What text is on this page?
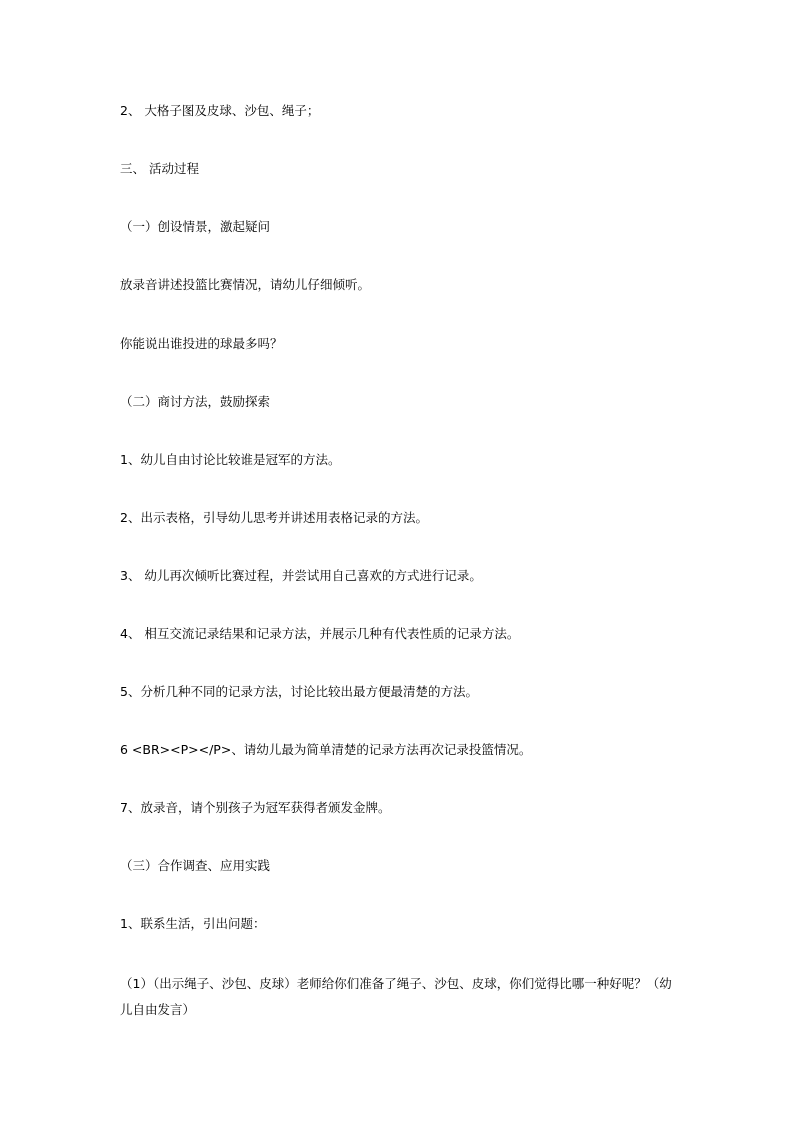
2、 大格子图及皮球、沙包、绳子；
三、 活动过程
（一）创设情景，激起疑问
放录音讲述投篮比赛情况，请幼儿仔细倾听。
你能说出谁投进的球最多吗？
（二）商讨方法，鼓励探索
1、幼儿自由讨论比较谁是冠军的方法。
2、出示表格，引导幼儿思考并讲述用表格记录的方法。
3、 幼儿再次倾听比赛过程，并尝试用自己喜欢的方式进行记录。
4、 相互交流记录结果和记录方法，并展示几种有代表性质的记录方法。
5、分析几种不同的记录方法，讨论比较出最方便最清楚的方法。
6 <BR><P></P>、请幼儿最为简单清楚的记录方法再次记录投篮情况。
7、放录音，请个别孩子为冠军获得者颁发金牌。
（三）合作调查、应用实践
1、联系生活，引出问题：
（1）（出示绳子、沙包、皮球）老师给你们准备了绳子、沙包、皮球，你们觉得比哪一种好呢？（幼儿自由发言）
